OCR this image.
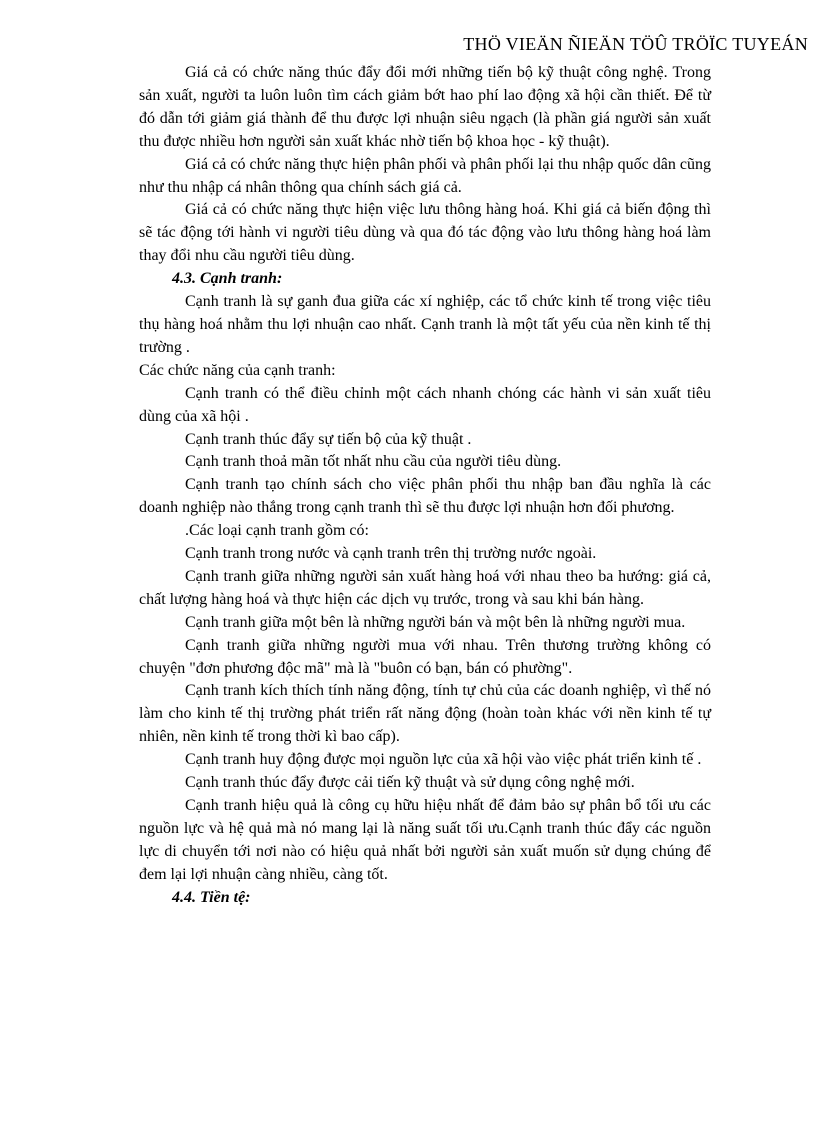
THÖ VIEÄN ÑIEÄN TÖÛ TRÖÏC TUYEÁN

Giá cả có chức năng thúc đẩy đổi mới những tiến bộ kỹ thuật công nghệ. Trong sản xuất, người ta luôn luôn tìm cách giảm bớt hao phí lao động xã hội cần thiết. Để từ đó dẫn tới giảm giá thành để thu được lợi nhuận siêu ngạch (là phần giá người sản xuất thu được nhiều hơn người sản xuất khác nhờ tiến bộ khoa học - kỹ thuật).

Giá cả có chức năng thực hiện phân phối và phân phối lại thu nhập quốc dân cũng như thu nhập cá nhân thông qua chính sách giá cả.

Giá cả có chức năng thực hiện việc lưu thông hàng hoá. Khi giá cả biến động thì sẽ tác động tới hành vi người tiêu dùng và qua đó tác động vào lưu thông hàng hoá làm thay đổi nhu cầu người tiêu dùng.

4.3. Cạnh tranh:

Cạnh tranh là sự ganh đua giữa các xí nghiệp, các tổ chức kinh tế trong việc tiêu thụ hàng hoá nhằm thu lợi nhuận cao nhất. Cạnh tranh là một tất yếu của nền kinh tế thị trường .

Các chức năng của cạnh tranh:

Cạnh tranh có thể điều chỉnh một cách nhanh chóng các hành vi sản xuất tiêu dùng của xã hội .

Cạnh tranh thúc đẩy sự tiến bộ của kỹ thuật .

Cạnh tranh thoả mãn tốt nhất nhu cầu của người tiêu dùng.

Cạnh tranh tạo chính sách cho việc phân phối thu nhập ban đầu nghĩa là các doanh nghiệp nào thắng trong cạnh tranh thì sẽ thu được lợi nhuận hơn đối phương.

.Các loại cạnh tranh gồm có:

Cạnh tranh trong nước và cạnh tranh trên thị trường nước ngoài.

Cạnh tranh giữa những người sản xuất hàng hoá với nhau theo ba hướng: giá cả, chất lượng hàng hoá và thực hiện các dịch vụ trước, trong và sau khi bán hàng.

Cạnh tranh giữa một bên là những người bán và một bên là những người mua.

Cạnh tranh giữa những người mua với nhau. Trên thương trường không có chuyện "đơn phương độc mã" mà là "buôn có bạn, bán có phường".

Cạnh tranh kích thích tính năng động, tính tự chủ của các doanh nghiệp, vì thế nó làm cho kinh tế thị trường phát triển rất năng động (hoàn toàn khác với nền kinh tế tự nhiên, nền kinh tế trong thời kì bao cấp).

Cạnh tranh huy động được mọi nguồn lực của xã hội vào việc phát triển kinh tế .

Cạnh tranh thúc đẩy được cải tiến kỹ thuật và sử dụng công nghệ mới.

Cạnh tranh hiệu quả là công cụ hữu hiệu nhất để đảm bảo sự phân bổ tối ưu các nguồn lực và hệ quả mà nó mang lại là năng suất tối ưu.Cạnh tranh thúc đẩy các nguồn lực di chuyển tới nơi nào có hiệu quả nhất bởi người sản xuất muốn sử dụng chúng để đem lại lợi nhuận càng nhiều, càng tốt.

4.4. Tiền tệ:
